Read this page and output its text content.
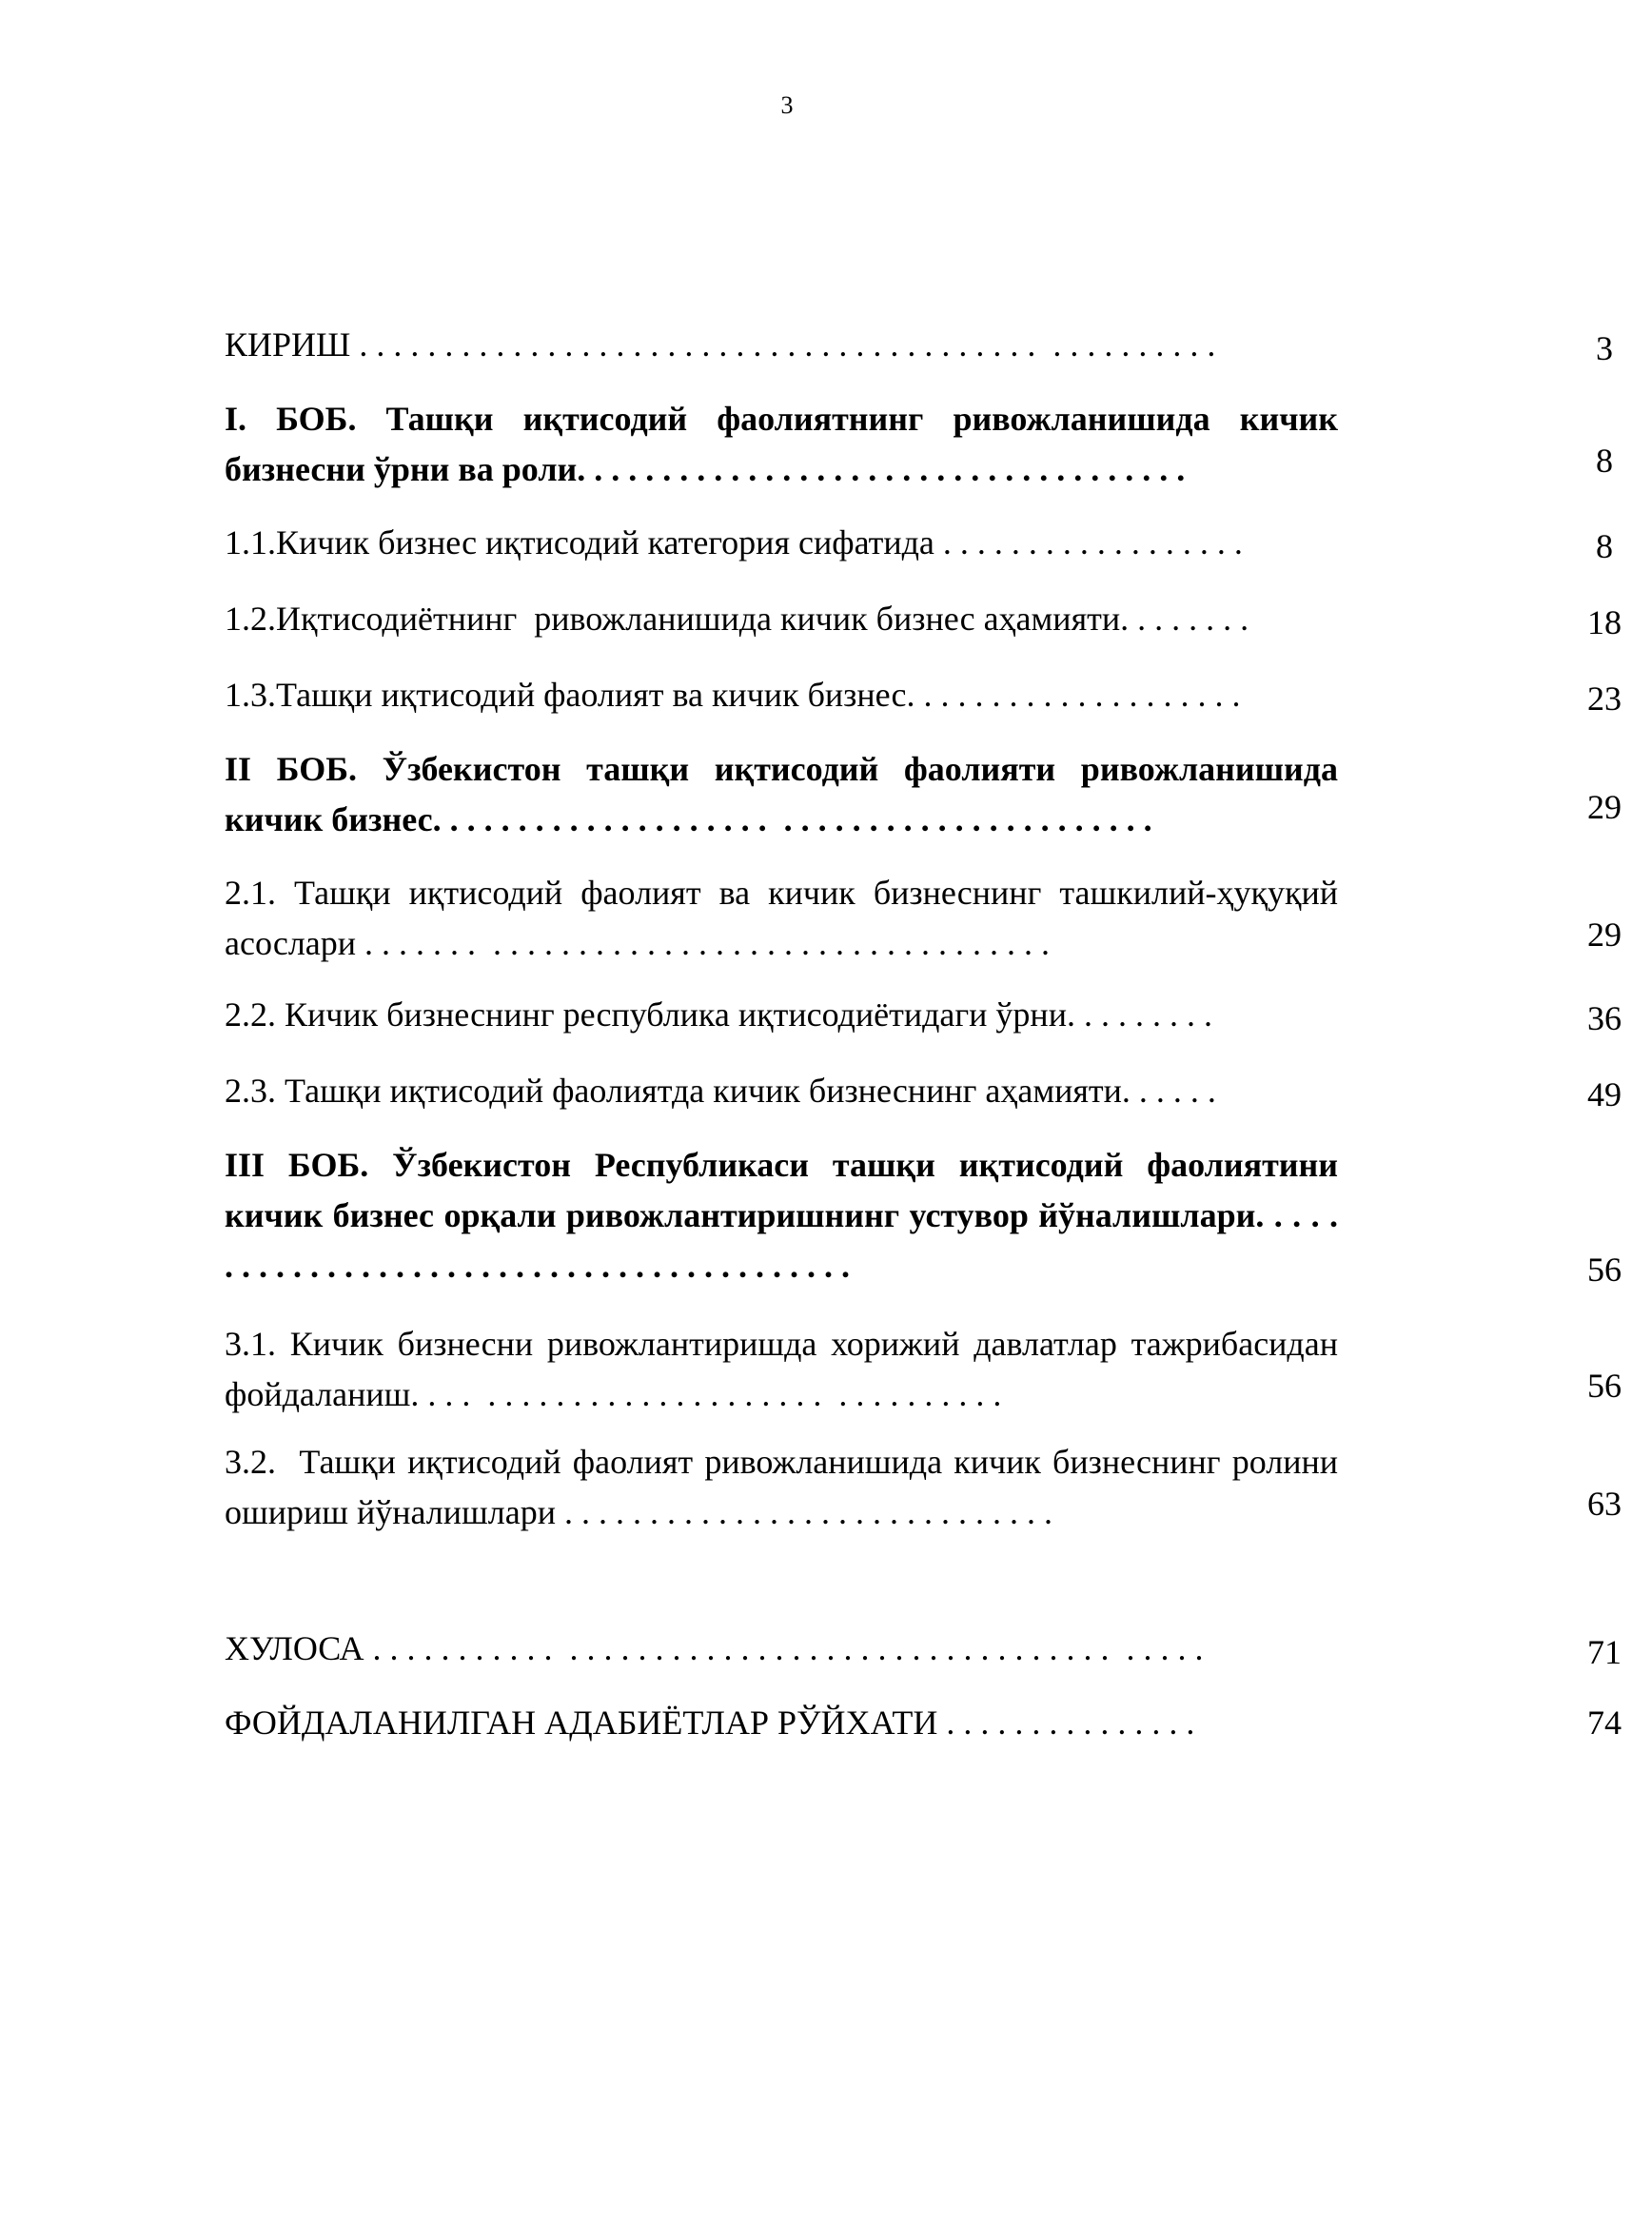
3
КИРИШ . . . . . . . . . . . . . . . . . . . . . . . . . . . . . . . . . . . . . . . .  . . . . . . . . . .	3
I. БОБ. Ташқи иқтисодий фаолиятнинг ривожланишида кичик бизнесни ўрни ва роли. . . . . . . . . . . . . . . . . . . . . . . . . . . . . . . . . . . .	8
1.1.Кичик бизнес иқтисодий категория сифатида . . . . . . . . . . . . . . . . . .	8
1.2.Иқтисодиётнинг  ривожланишида кичик бизнес аҳамияти. . . . . . . .	18
1.3.Ташқи иқтисодий фаолият ва кичик бизнес. . . . . . . . . . . . . . . . . . . .	23
II БОБ. Ўзбекистон ташқи иқтисодий фаолияти ривожланишида кичик бизнес. . . . . . . . . . . . . . . . . . . .  . . . . . . . . . . . . . . . . . . . . . .	29
2.1. Ташқи иқтисодий фаолият ва кичик бизнеснинг ташкилий-ҳуқуқий асослари . . . . . . .  . . . . . . . . . . . . . . . . . . . . . . . . . . . . . . . . .	29
2.2. Кичик бизнеснинг республика иқтисодиётидаги ўрни. . . . . . . . .	36
2.3. Ташқи иқтисодий фаолиятда кичик бизнеснинг аҳамияти. . . . . .	49
III БОБ. Ўзбекистон Республикаси ташқи иқтисодий фаолиятини кичик бизнес орқали ривожлантиришнинг устувор йўналишлари. . . . . . . . . . . . . . . . . . . . . . . . . . . . . . . . . . . . . . . . . .	56
3.1. Кичик бизнесни ривожлантиришда хорижий давлатлар тажрибасидан фойдаланиш. . . .  . . . . . . . . . . . . . . . . . . . .  . . . . . . . . . .	56
3.2.  Ташқи иқтисодий фаолият ривожланишида кичик бизнеснинг ролини ошириш йўналишлари . . . . . . . . . . . . . . . . . . . . . . . . . . . . .	63
ХУЛОСА . . . . . . . . . . .  . . . . . . . . . . . . . . . . . . . . . . . . . . . . . . . .  . . . . .	71
ФОЙДАЛАНИЛГАН АДАБИЁТЛАР РЎЙХАТИ . . . . . . . . . . . . . . .	74
